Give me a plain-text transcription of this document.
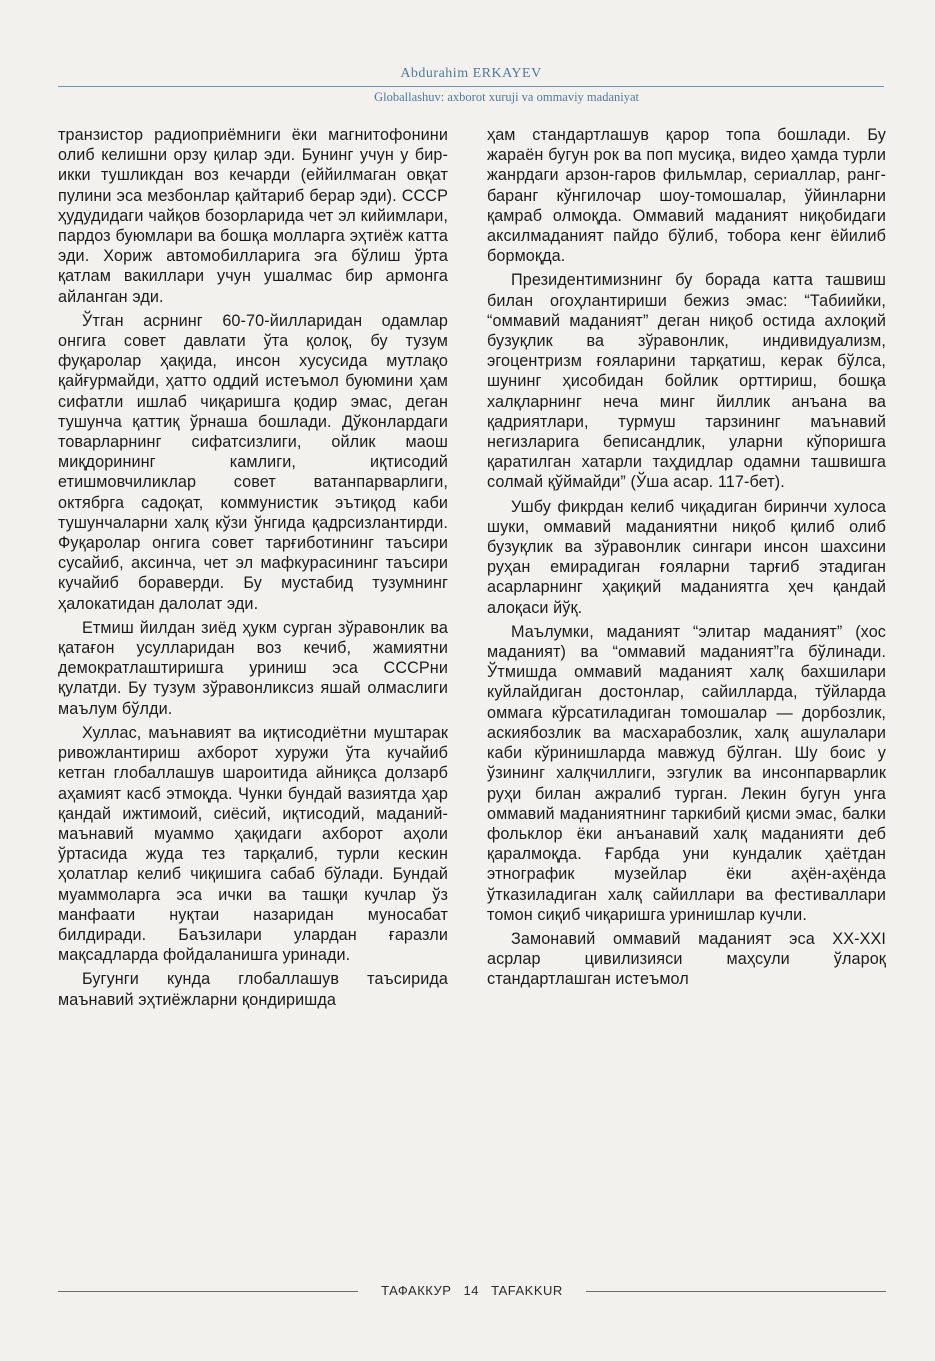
Abdurahim ERKAYEV
Globallashuv: axborot xuruji va ommaviy madaniyat

транзистор радиоприёмниги ёки магнитофонини олиб келишни орзу қилар эди. Бунинг учун у бир-икки тушликдан воз кечарди (еййилмаган овқат пулини эса мезбонлар қайтариб берар эди). СССР ҳудудидаги чайқов бозорларида чет эл кийимлари, пардоз буюмлари ва бошқа молларга эҳтиёж катта эди. Хориж автомобилларига эга бўлиш ўрта қатлам вакиллари учун ушалмас бир армонга айланган эди.

Ўтган асрнинг 60-70-йилларидан одамлар онгига совет давлати ўта қолоқ, бу тузум фуқаролар ҳақида, инсон хусусида мутлақо қайғурмайди, ҳатто оддий истеъмол буюмини ҳам сифатли ишлаб чиқаришга қодир эмас, деган тушунча қаттиқ ўрнаша бошлади. Дўконлардаги товарларнинг сифатсизлиги, ойлик маош миқдорининг камлиги, иқтисодий етишмовчиликлар совет ватанпарварлиги, октябрга садоқат, коммунистик эътиқод каби тушунчаларни халқ кўзи ўнгида қадрсизлантирди. Фуқаролар онгига совет тарғиботининг таъсири сусайиб, аксинча, чет эл мафкурасининг таъсири кучайиб бораверди. Бу мустабид тузумнинг ҳалокатидан далолат эди.

Етмиш йилдан зиёд ҳукм сурган зўравонлик ва қатағон усулларидан воз кечиб, жамиятни демократлаштиришга уриниш эса СССРни қулатди. Бу тузум зўравонликсиз яшай олмаслиги маълум бўлди.

Хуллас, маънавият ва иқтисодиётни муштарак ривожлантириш ахборот хуружи ўта кучайиб кетган глобаллашув шароитида айниқса долзарб аҳамият касб этмоқда. Чунки бундай вазиятда ҳар қандай ижтимоий, сиёсий, иқтисодий, маданий-маънавий муаммо ҳақидаги ахборот аҳоли ўртасида жуда тез тарқалиб, турли кескин ҳолатлар келиб чиқишига сабаб бўлади. Бундай муаммоларга эса ички ва ташқи кучлар ўз манфаати нуқтаи назаридан муносабат билдиради. Баъзилари улардан ғаразли мақсадларда фойдаланишга уринади.

Бугунги кунда глобаллашув таъсирида маънавий эҳтиёжларни қондиришда

ҳам стандартлашув қарор топа бошлади. Бу жараён бугун рок ва поп мусиқа, видео ҳамда турли жанрдаги арзон-гаров фильмлар, сериаллар, ранг-баранг кўнгилочар шоу-томошалар, ўйинларни қамраб олмоқда. Оммавий маданият ниқобидаги аксилмаданият пайдо бўлиб, тобора кенг ёйилиб бормоқда.

Президентимизнинг бу борада катта ташвиш билан огоҳлантириши бежиз эмас: “Табиийки, “оммавий маданият” деган ниқоб остида ахлоқий бузуқлик ва зўравонлик, индивидуализм, эгоцентризм ғояларини тарқатиш, керак бўлса, шунинг ҳисобидан бойлик орттириш, бошқа халқларнинг неча минг йиллик анъана ва қадриятлари, турмуш тарзининг маънавий негизларига беписандлик, уларни кўпоришга қаратилган хатарли таҳдидлар одамни ташвишга солмай қўймайди” (Ўша асар. 117-бет).

Ушбу фикрдан келиб чиқадиган биринчи хулоса шуки, оммавий маданиятни ниқоб қилиб олиб бузуқлик ва зўравонлик сингари инсон шахсини руҳан емирадиган ғояларни тарғиб этадиган асарларнинг ҳақиқий маданиятга ҳеч қандай алоқаси йўқ.

Маълумки, маданият “элитар маданият” (хос маданият) ва “оммавий маданият”га бўлинади. Ўтмишда оммавий маданият халқ бахшилари куйлайдиган достонлар, сайилларда, тўйларда оммага кўрсатиладиган томошалар — дорбозлик, аскиябозлик ва масхарабозлик, халқ ашулалари каби кўринишларда мавжуд бўлган. Шу боис у ўзининг халқчиллиги, эзгулик ва инсонпарварлик руҳи билан ажралиб турган. Лекин бугун унга оммавий маданиятнинг таркибий қисми эмас, балки фольклор ёки анъанавий халқ маданияти деб қаралмоқда. Ғарбда уни кундалик ҳаётдан этнографик музейлар ёки аҳён-аҳёнда ўтказиладиган халқ сайиллари ва фестиваллари томон сиқиб чиқаришга уринишлар кучли.

Замонавий оммавий маданият эса XX-XXI асрлар цивилизияси маҳсули ўларoқ стандартлашган истеъмол

ТАФАККУР 14 TAFAKKUR
